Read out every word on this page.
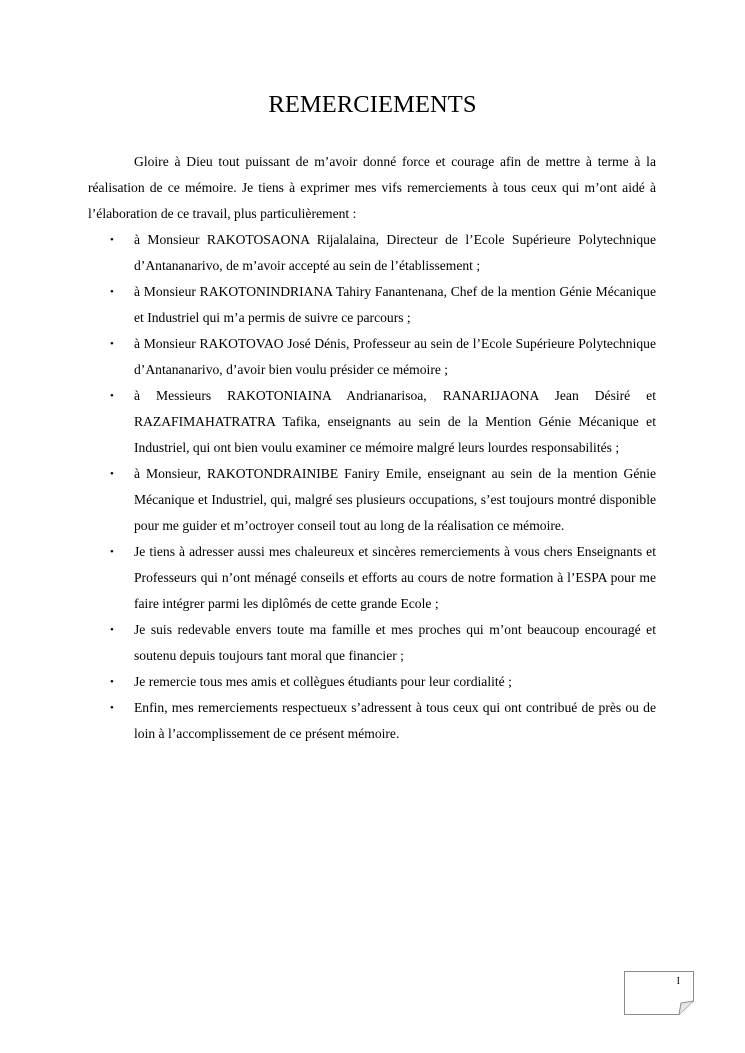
REMERCIEMENTS

Gloire à Dieu tout puissant de m’avoir donné force et courage afin de mettre à terme à la réalisation de ce mémoire. Je tiens à exprimer mes vifs remerciements à tous ceux qui m’ont aidé à l’élaboration de ce travail, plus particulièrement :

• à Monsieur RAKOTOSAONA Rijalalaina, Directeur de l’Ecole Supérieure Polytechnique d’Antananarivo, de m’avoir accepté au sein de l’établissement ;
• à Monsieur RAKOTONINDRIANA Tahiry Fanantenana, Chef de la mention Génie Mécanique et Industriel qui m’a permis de suivre ce parcours ;
• à Monsieur RAKOTOVAO José Dénis, Professeur au sein de l’Ecole Supérieure Polytechnique d’Antananarivo, d’avoir bien voulu présider ce mémoire ;
• à Messieurs RAKOTONIAINA Andrianarisoa, RANARIJAONA Jean Désiré et RAZAFIMAHATRATRA Tafika, enseignants au sein de la Mention Génie Mécanique et Industriel, qui ont bien voulu examiner ce mémoire malgré leurs lourdes responsabilités ;
• à Monsieur, RAKOTONDRAINIBE Faniry Emile, enseignant au sein de la mention Génie Mécanique et Industriel, qui, malgré ses plusieurs occupations, s’est toujours montré disponible pour me guider et m’octroyer conseil tout au long de la réalisation ce mémoire.
• Je tiens à adresser aussi mes chaleureux et sincères remerciements à vous chers Enseignants et Professeurs qui n’ont ménagé conseils et efforts au cours de notre formation à l’ESPA pour me faire intégrer parmi les diplômés de cette grande Ecole ;
• Je suis redevable envers toute ma famille et mes proches qui m’ont beaucoup encouragé et soutenu depuis toujours tant moral que financier ;
• Je remercie tous mes amis et collègues étudiants pour leur cordialité ;
• Enfin, mes remerciements respectueux s’adressent à tous ceux qui ont contribué de près ou de loin à l’accomplissement de ce présent mémoire.
I
